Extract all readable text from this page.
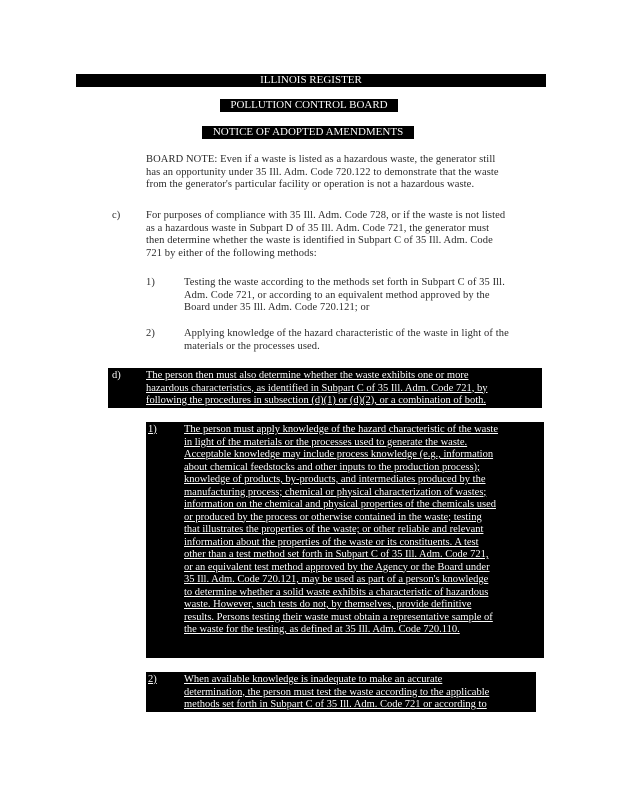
ILLINOIS REGISTER
POLLUTION CONTROL BOARD
NOTICE OF ADOPTED AMENDMENTS

BOARD NOTE: Even if a waste is listed as a hazardous waste, the generator still

has an opportunity under 35 Ill. Adm. Code 720.122 to demonstrate that the waste

from the generator's particular facility or operation is not a hazardous waste.

c) For purposes of compliance with 35 Ill. Adm. Code 728, or if the waste is not listed

as a hazardous waste in Subpart D of 35 Ill. Adm. Code 721, the generator must

then determine whether the waste is identified in Subpart C of 35 Ill. Adm. Code

721 by either of the following methods:

1)	Testing the waste according to the methods set forth in Subpart C of 35 Ill.

Adm. Code 721, or according to an equivalent method approved by the

Board under 35 Ill. Adm. Code 720.121; or

2)	Applying knowledge of the hazard characteristic of the waste in light of the

materials or the processes used.

d) The person then must also determine whether the waste exhibits one or more

hazardous characteristics, as identified in Subpart C of 35 Ill. Adm. Code 721, by

following the procedures in subsection (d)(1) or (d)(2), or a combination of both.

1)	The person must apply knowledge of the hazard characteristic of the waste

in light of the materials or the processes used to generate the waste.

Acceptable knowledge may include process knowledge (e.g., information

about chemical feedstocks and other inputs to the production process);

knowledge of products, by-products, and intermediates produced by the

manufacturing process; chemical or physical characterization of wastes;

information on the chemical and physical properties of the chemicals used

or produced by the process or otherwise contained in the waste; testing

that illustrates the properties of the waste; or other reliable and relevant

information about the properties of the waste or its constituents. A test

other than a test method set forth in Subpart C of 35 Ill. Adm. Code 721,

or an equivalent test method approved by the Agency or the Board under

35 Ill. Adm. Code 720.121, may be used as part of a person's knowledge

to determine whether a solid waste exhibits a characteristic of hazardous

waste. However, such tests do not, by themselves, provide definitive

results. Persons testing their waste must obtain a representative sample of

the waste for the testing, as defined at 35 Ill. Adm. Code 720.110.

2)	When available knowledge is inadequate to make an accurate

determination, the person must test the waste according to the applicable

methods set forth in Subpart C of 35 Ill. Adm. Code 721 or according to
